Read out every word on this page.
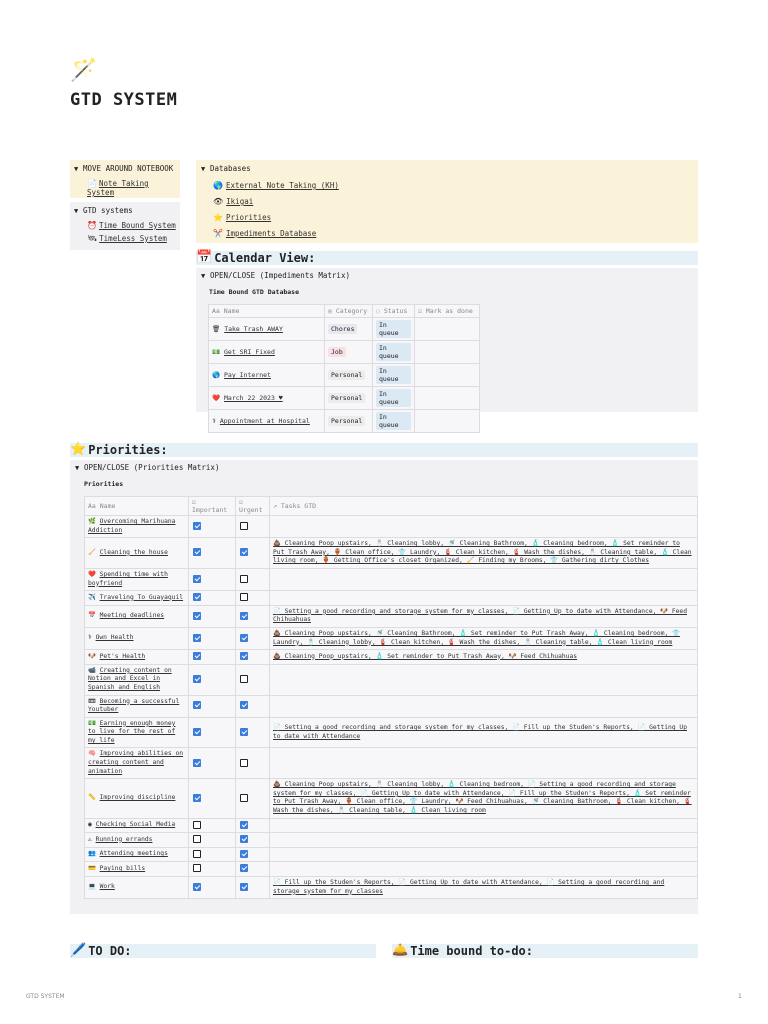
🪄
GTD SYSTEM
▼ MOVE AROUND NOTEBOOK
📄 Note Taking System
▼ GTD systems
⏰ Time Bound System
🛰 TimeLess System
▼ Databases
🌎 External Note Taking (KH)
👁 Ikigai
⭐ Priorities
✂️ Impediments Database
📅 Calendar View:
▼ OPEN/CLOSE (Impediments Matrix)
Time Bound GTD Database
Aa Name	◎ Category	◌ Status	☑ Mark as done
🗑 Take Trash AWAY	Chores	In queue	
💵 Get SRI Fixed	Job	In queue	
🌎 Pay Internet	Personal	In queue	
❤️ March 22 2023 ♥	Personal	In queue	
⚕ Appointment at Hospital	Personal	In queue	
⭐ Priorities:
▼ OPEN/CLOSE (Priorities Matrix)
Priorities
Aa Name	☑ Important	☑ Urgent	↗ Tasks GTD
🌿 Overcoming Marihuana Addiction			
🧹 Cleaning the house			💩 Cleaning Poop upstairs, 🧂 Cleaning lobby, 🚿 Cleaning Bathroom, 🧴 Cleaning bedroom, 🧴 Set reminder to Put Trash Away, 🏺 Clean office, 👕 Laundry, 🧯 Clean kitchen, 🧯 Wash the dishes, 🧂 Cleaning table, 🧴 Clean living room, 🏺 Getting Office's closet Organized, 🧹 Finding my Brooms, 👕 Gathering dirty Clothes
❤️ Spending time with boyfriend			
✈️ Traveling To Guayaquil			
📅 Meeting deadlines			📄 Setting a good recording and storage system for my classes, 📄 Getting Up to date with Attendance, 🐶 Feed Chihuahuas
⚕ Own Health			💩 Cleaning Poop upstairs, 🚿 Cleaning Bathroom, 🧴 Set reminder to Put Trash Away, 🧴 Cleaning bedroom, 👕 Laundry, 🧂 Cleaning lobby, 🧯 Clean kitchen, 🧯 Wash the dishes, 🧂 Cleaning table, 🧴 Clean living room
🐶 Pet's Health			💩 Cleaning Poop upstairs, 🧴 Set reminder to Put Trash Away, 🐶 Feed Chihuahuas
📹 Creating content on Notion and Excel in Spanish and English			
📼 Becoming a successful Youtuber			
💵 Earning enough money to live for the rest of my life			📄 Setting a good recording and storage system for my classes, 📄 Fill up the Studen's Reports, 📄 Getting Up to date with Attendance
🧠 Improving abilities on creating content and animation			
📏 Improving discipline			💩 Cleaning Poop upstairs, 🧂 Cleaning lobby, 🧴 Cleaning bedroom, 📄 Setting a good recording and storage system for my classes, 📄 Getting Up to date with Attendance, 📄 Fill up the Studen's Reports, 🧴 Set reminder to Put Trash Away, 🏺 Clean office, 👕 Laundry, 🐶 Feed Chihuahuas, 🚿 Cleaning Bathroom, 🧯 Clean kitchen, 🧯 Wash the dishes, 🧂 Cleaning table, 🧴 Clean living room
◉ Checking Social Media			
⚠ Running errands			
👥 Attending meetings			
💳 Paying bills			
💻 Work			📄 Fill up the Studen's Reports, 📄 Getting Up to date with Attendance, 📄 Setting a good recording and storage system for my classes
🖊️ TO DO:	🛎️ Time bound to-do:
GTD SYSTEM	1
